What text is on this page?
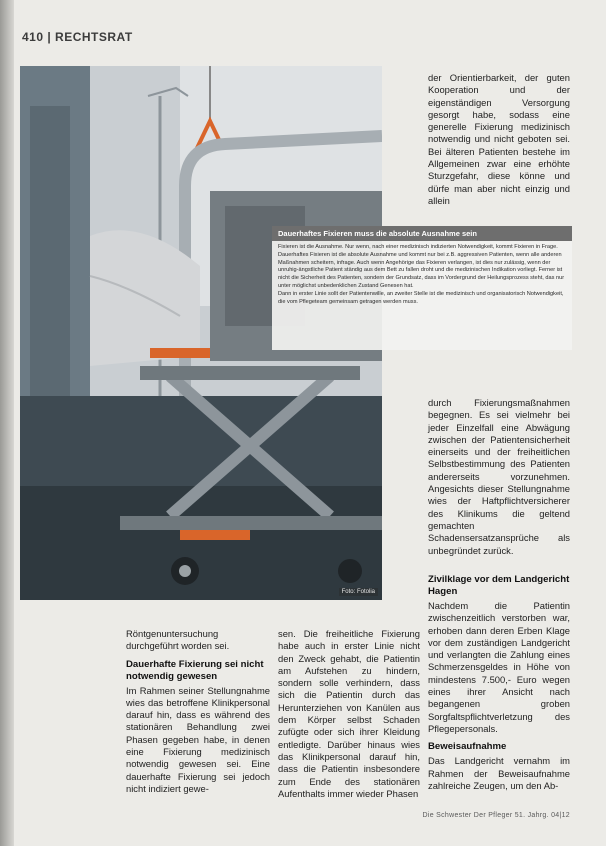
410 | RECHTSRAT
Foto: Fotolia
Dauerhaftes Fixieren muss die absolute Ausnahme sein
Fixieren ist die Ausnahme. Nur wenn, nach einer medizinisch indizierten Notwendigkeit, kommt Fixieren in Frage.
Dauerhaftes Fixieren ist die absolute Ausnahme und kommt nur bei z.B. aggressiven Patienten, wenn alle anderen Maßnahmen scheitern, infrage. Auch wenn Angehörige das Fixieren verlangen, ist dies nur zulässig, wenn der unruhig-ängstliche Patient ständig aus dem Bett zu fallen droht und die medizinischen Indikation vorliegt. Ferner ist nicht die Sicherheit des Patienten, sondern der Grundsatz, dass im Vordergrund der Heilungsprozess steht, das nur unter möglichst unbedenklichen Zustand Genesen hat.
Dann in erster Linie sollt der Patientenwille, an zweiter Stelle ist die medizinisch und organisatorisch Notwendigkeit, die vom Pflegeteam gemeinsam getragen werden muss.

der Orientierbarkeit, der guten Kooperation und der eigenständigen Versorgung gesorgt habe, sodass eine generelle Fixierung medizinisch notwendig und nicht geboten sei. Bei älteren Patienten bestehe im Allgemeinen zwar eine erhöhte Sturzgefahr, diese könne und dürfe man aber nicht einzig und allein

durch Fixierungsmaßnahmen begegnen. Es sei vielmehr bei jeder Einzelfall eine Abwägung zwischen der Patientensicherheit einerseits und der freiheitlichen Selbstbestimmung des Patienten andererseits vorzunehmen. Angesichts dieser Stellungnahme wies der Haftpflichtversicherer des Klinikums die geltend gemachten Schadensersatzansprüche als unbegründet zurück.

Zivilklage vor dem Landgericht Hagen

Nachdem die Patientin zwischenzeitlich verstorben war, erhoben dann deren Erben Klage vor dem zuständigen Landgericht und verlangten die Zahlung eines Schmerzensgeldes in Höhe von mindestens 7.500,- Euro wegen eines ihrer Ansicht nach begangenen groben Sorgfaltspflichtverletzung des Pflegepersonals.

Beweisaufnahme

Das Landgericht vernahm im Rahmen der Beweisaufnahme zahlreiche Zeugen, um den Ab-

Röntgenuntersuchung durchgeführt worden sei.

Dauerhafte Fixierung sei nicht notwendig gewesen

Im Rahmen seiner Stellungnahme wies das betroffene Klinikpersonal darauf hin, dass es während des stationären Behandlung zwei Phasen gegeben habe, in denen eine Fixierung medizinisch notwendig gewesen sei. Eine dauerhafte Fixierung sei jedoch nicht indiziert gewe-

sen. Die freiheitliche Fixierung habe auch in erster Linie nicht den Zweck gehabt, die Patientin am Aufstehen zu hindern, sondern solle verhindern, dass sich die Patientin durch das Herunterziehen von Kanülen aus dem Körper selbst Schaden zufügte oder sich ihrer Kleidung entledigte. Darüber hinaus wies das Klinikpersonal darauf hin, dass die Patientin insbesondere zum Ende des stationären Aufenthalts immer wieder Phasen

Die Schwester Der Pfleger 51. Jahrg. 04|12
